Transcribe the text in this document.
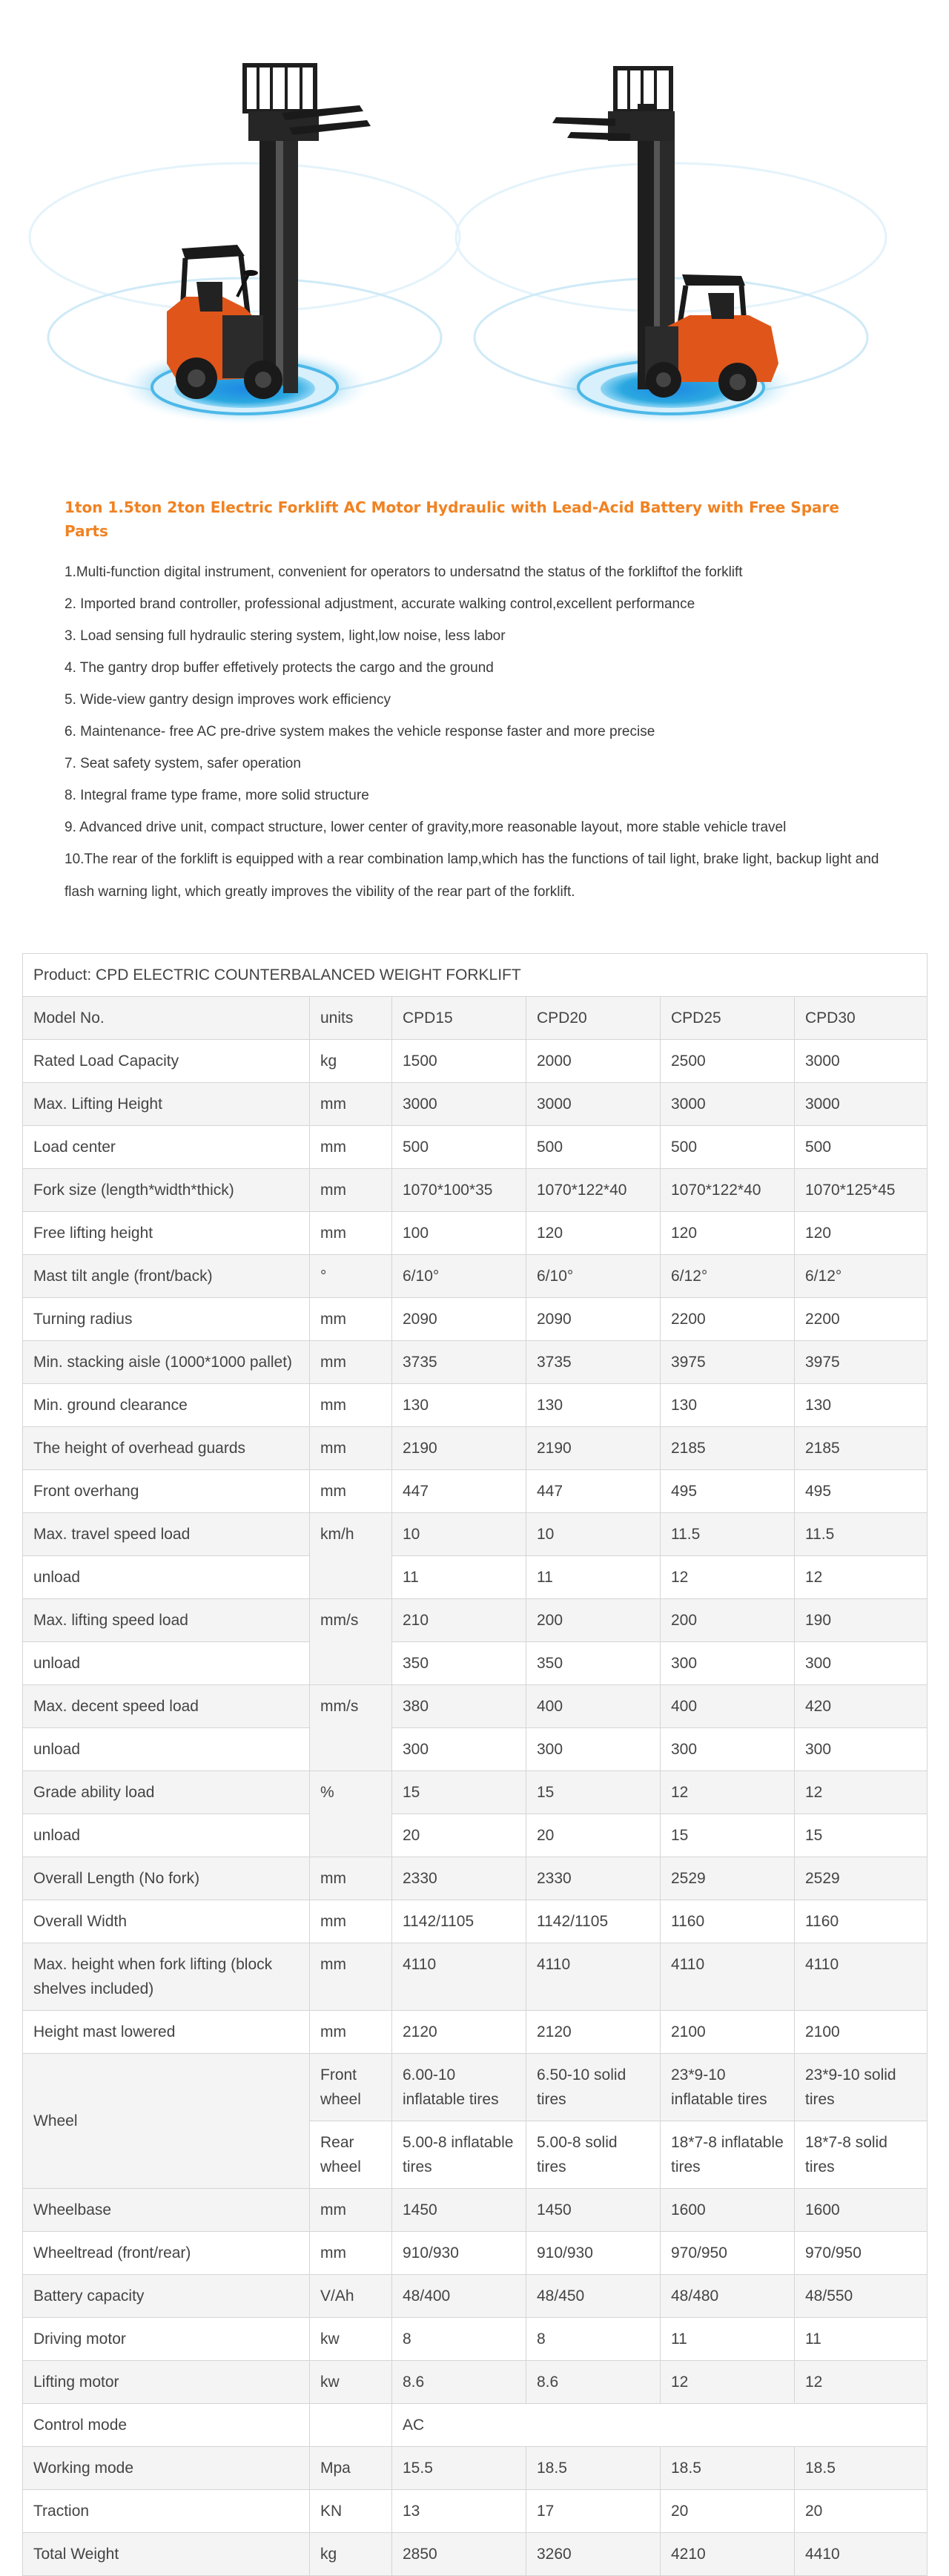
1ton 1.5ton 2ton Electric Forklift AC Motor Hydraulic with Lead-Acid Battery with Free Spare Parts
1.Multi-function digital instrument, convenient for operators to undersatnd the status of the forkliftof the forklift
2. Imported brand controller, professional adjustment, accurate walking control,excellent performance
3. Load sensing full hydraulic stering system, light,low noise, less labor
4. The gantry drop buffer effetively protects the cargo and the ground
5. Wide-view gantry design improves work efficiency
6. Maintenance- free AC pre-drive system makes the vehicle response faster and more precise
7. Seat safety system, safer operation
8. Integral frame type frame, more solid structure
9. Advanced drive unit, compact structure, lower center of gravity,more reasonable layout, more stable vehicle travel
10.The rear of the forklift is equipped with a rear combination lamp,which has the functions of tail light, brake light, backup light and flash warning light, which greatly improves the vibility of the rear part of the forklift.
Product: CPD ELECTRIC COUNTERBALANCED WEIGHT FORKLIFT					
Model No.	units	CPD15	CPD20	CPD25	CPD30
Rated Load Capacity	kg	1500	2000	2500	3000
Max. Lifting Height	mm	3000	3000	3000	3000
Load center	mm	500	500	500	500
Fork size (length*width*thick)	mm	1070*100*35	1070*122*40	1070*122*40	1070*125*45
Free lifting height	mm	100	120	120	120
Mast tilt angle (front/back)	°	6/10°	6/10°	6/12°	6/12°
Turning radius	mm	2090	2090	2200	2200
Min. stacking aisle (1000*1000 pallet)	mm	3735	3735	3975	3975
Min. ground clearance	mm	130	130	130	130
The height of overhead guards	mm	2190	2190	2185	2185
Front overhang	mm	447	447	495	495
Max. travel speed load	km/h	10	10	11.5	11.5
unload		11	11	12	12
Max. lifting speed load	mm/s	210	200	200	190
unload		350	350	300	300
Max. decent speed load	mm/s	380	400	400	420
unload		300	300	300	300
Grade ability load	%	15	15	12	12
unload		20	20	15	15
Overall Length (No fork)	mm	2330	2330	2529	2529
Overall Width	mm	1142/1105	1142/1105	1160	1160
Max. height when fork lifting (block shelves included)	mm	4110	4110	4110	4110
Height mast lowered	mm	2120	2120	2100	2100
Wheel	Front wheel	6.00-10 inflatable tires	6.50-10 solid tires	23*9-10 inflatable tires	23*9-10 solid tires
	Rear wheel	5.00-8 inflatable tires	5.00-8 solid tires	18*7-8 inflatable tires	18*7-8 solid tires
Wheelbase	mm	1450	1450	1600	1600
Wheeltread (front/rear)	mm	910/930	910/930	970/950	970/950
Battery capacity	V/Ah	48/400	48/450	48/480	48/550
Driving motor	kw	8	8	11	11
Lifting motor	kw	8.6	8.6	12	12
Control mode		AC			
Working mode	Mpa	15.5	18.5	18.5	18.5
Traction	KN	13	17	20	20
Total Weight	kg	2850	3260	4210	4410
